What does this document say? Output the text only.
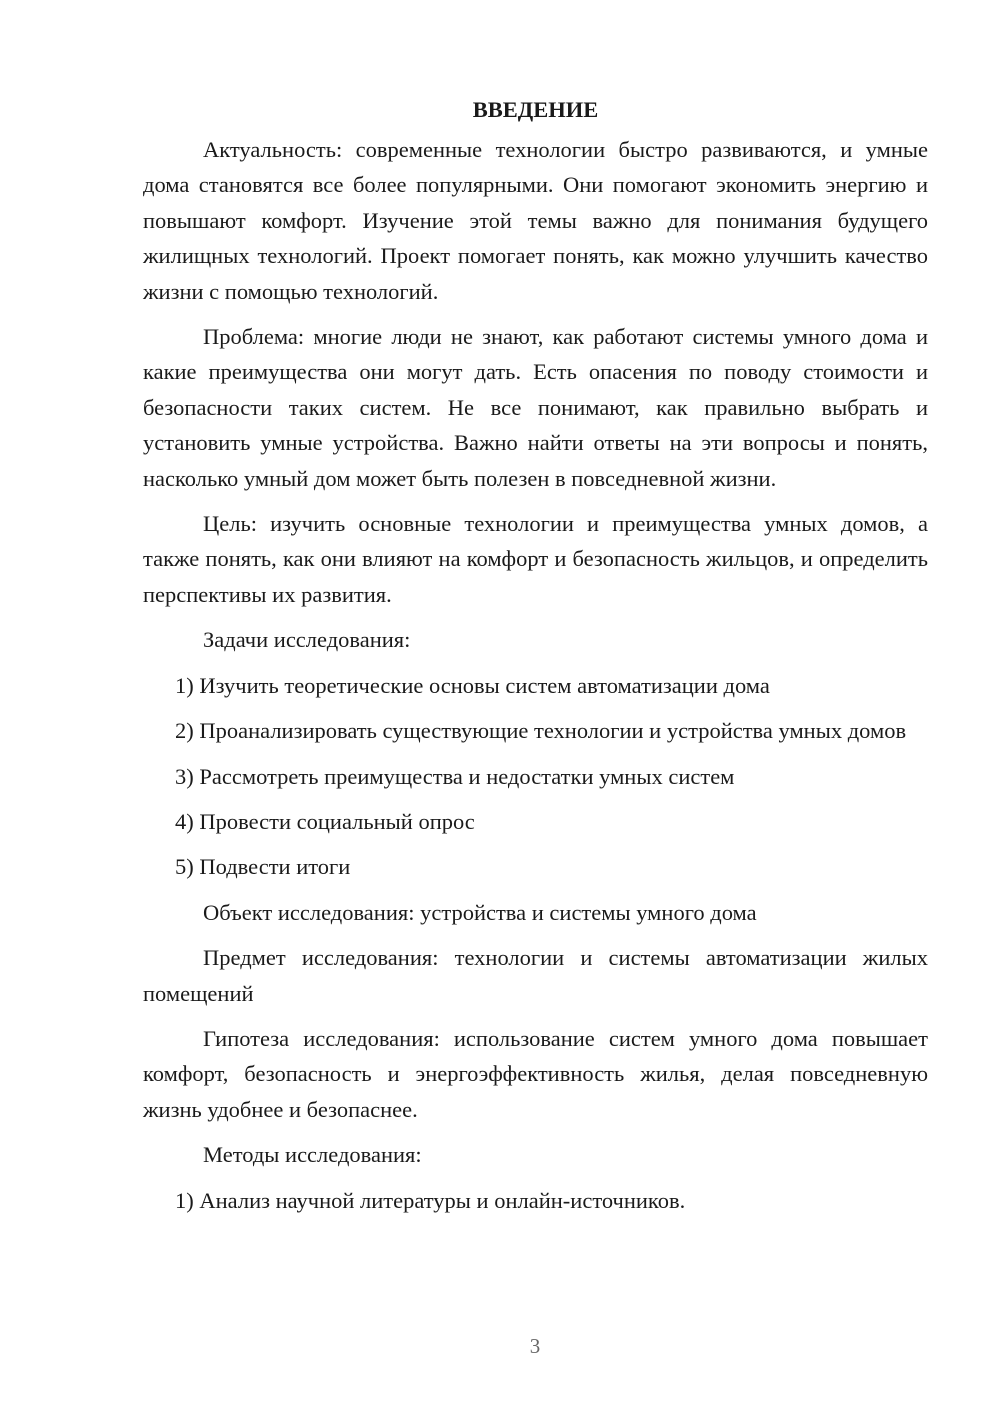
ВВЕДЕНИЕ

Актуальность: современные технологии быстро развиваются, и умные дома становятся все более популярными. Они помогают экономить энергию и повышают комфорт. Изучение этой темы важно для понимания будущего жилищных технологий. Проект помогает понять, как можно улучшить качество жизни с помощью технологий.

Проблема: многие люди не знают, как работают системы умного дома и какие преимущества они могут дать. Есть опасения по поводу стоимости и безопасности таких систем. Не все понимают, как правильно выбрать и установить умные устройства. Важно найти ответы на эти вопросы и понять, насколько умный дом может быть полезен в повседневной жизни.

Цель: изучить основные технологии и преимущества умных домов, а также понять, как они влияют на комфорт и безопасность жильцов, и определить перспективы их развития.

Задачи исследования:

1) Изучить теоретические основы систем автоматизации дома

2) Проанализировать существующие технологии и устройства умных домов

3) Рассмотреть преимущества и недостатки умных систем

4) Провести социальный опрос

5) Подвести итоги

Объект исследования: устройства и системы умного дома

Предмет исследования: технологии и системы автоматизации жилых помещений

Гипотеза исследования: использование систем умного дома повышает комфорт, безопасность и энергоэффективность жилья, делая повседневную жизнь удобнее и безопаснее.

Методы исследования:

1) Анализ научной литературы и онлайн-источников.

3
